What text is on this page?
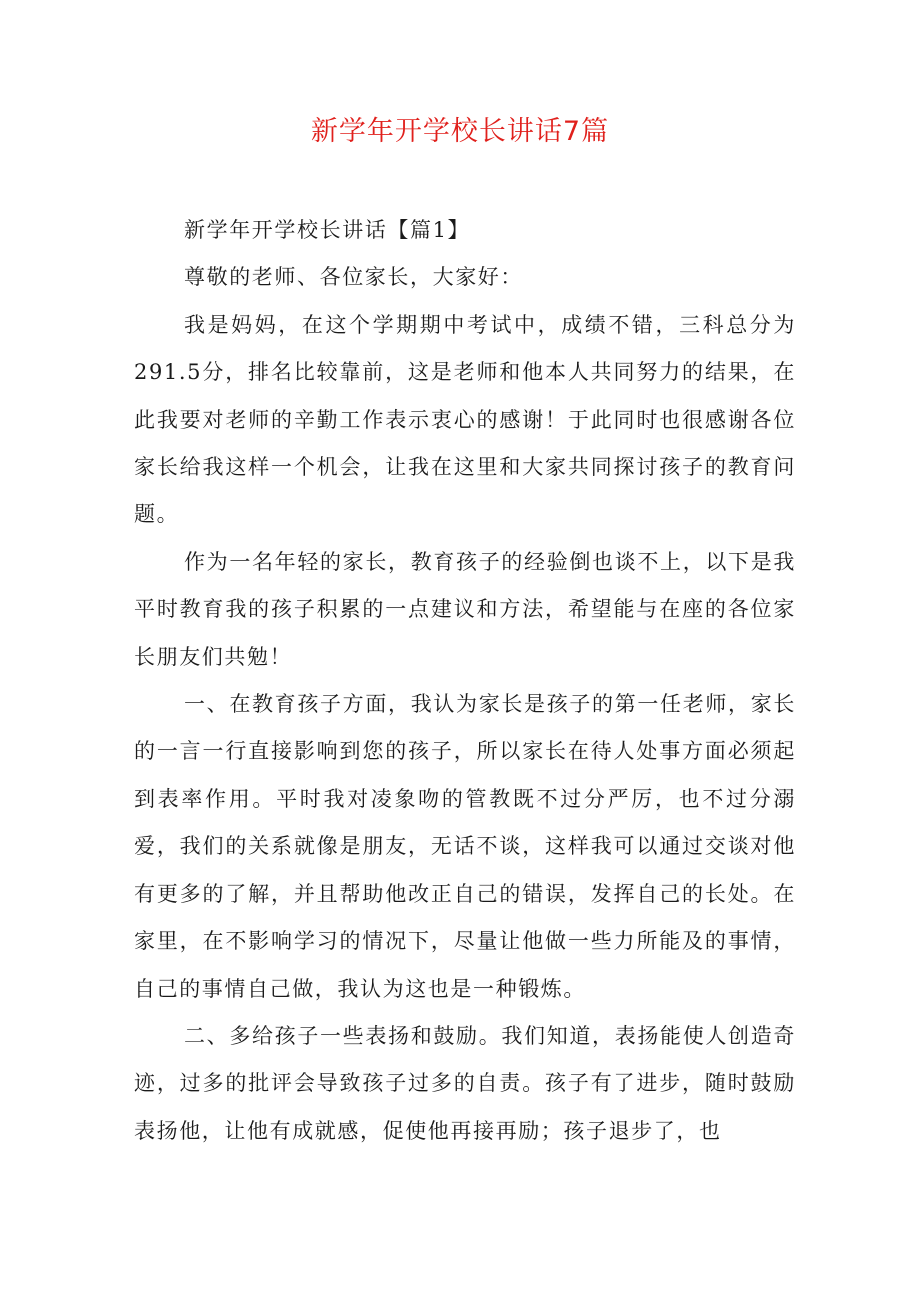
新学年开学校长讲话7篇

新学年开学校长讲话【篇1】

尊敬的老师、各位家长，大家好：

我是妈妈，在这个学期期中考试中，成绩不错，三科总分为291.5分，排名比较靠前，这是老师和他本人共同努力的结果，在此我要对老师的辛勤工作表示衷心的感谢！于此同时也很感谢各位家长给我这样一个机会，让我在这里和大家共同探讨孩子的教育问题。

作为一名年轻的家长，教育孩子的经验倒也谈不上，以下是我平时教育我的孩子积累的一点建议和方法，希望能与在座的各位家长朋友们共勉！

一、在教育孩子方面，我认为家长是孩子的第一任老师，家长的一言一行直接影响到您的孩子，所以家长在待人处事方面必须起到表率作用。平时我对凌象吻的管教既不过分严厉，也不过分溺爱，我们的关系就像是朋友，无话不谈，这样我可以通过交谈对他有更多的了解，并且帮助他改正自己的错误，发挥自己的长处。在家里，在不影响学习的情况下，尽量让他做一些力所能及的事情，自己的事情自己做，我认为这也是一种锻炼。

二、多给孩子一些表扬和鼓励。我们知道，表扬能使人创造奇迹，过多的批评会导致孩子过多的自责。孩子有了进步，随时鼓励表扬他，让他有成就感，促使他再接再励；孩子退步了，也
